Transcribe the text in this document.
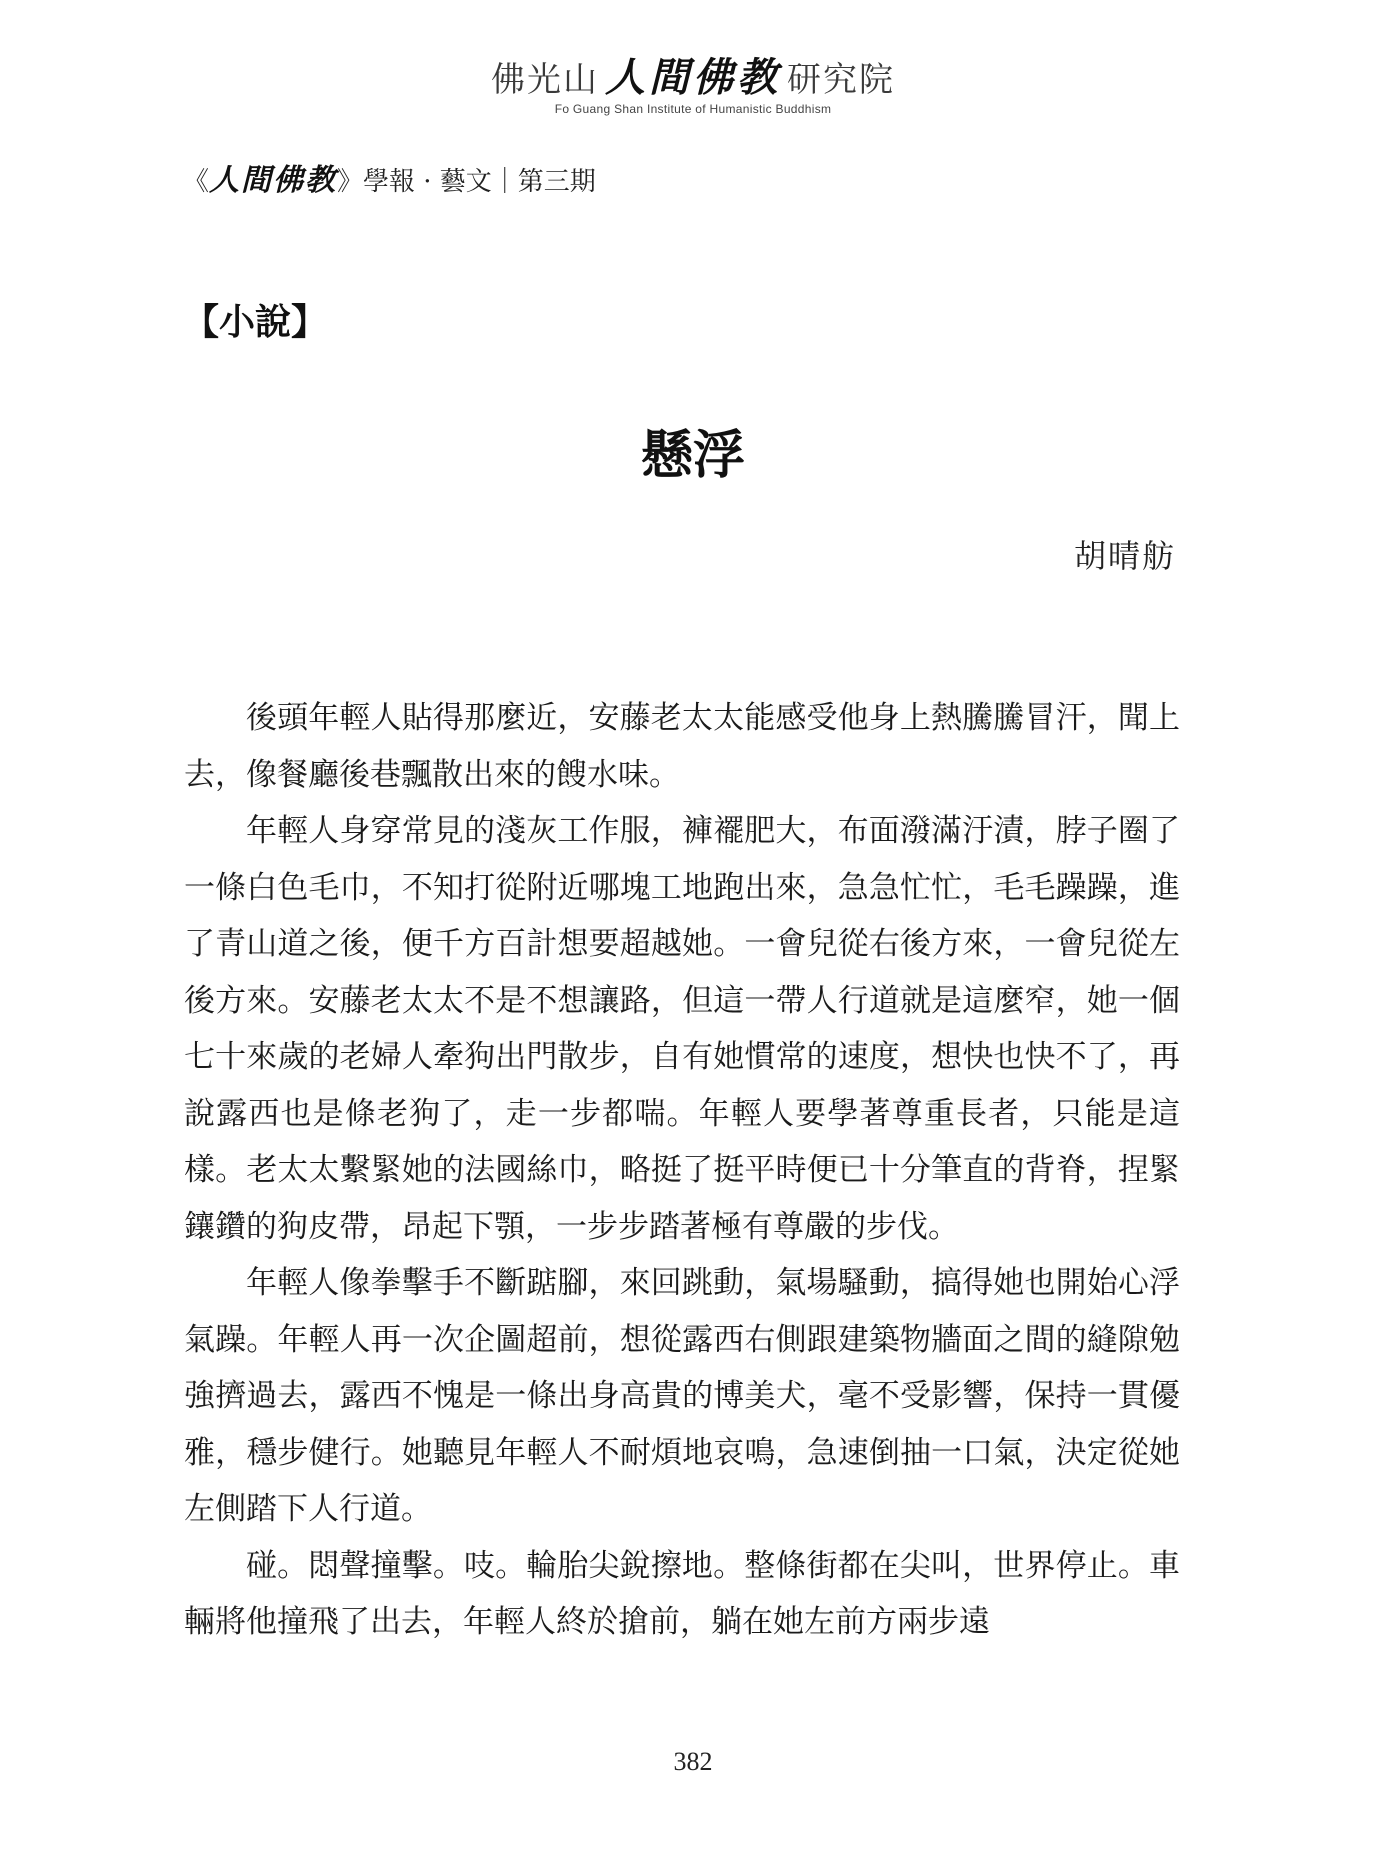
佛光山 人間佛教 研究院
Fo Guang Shan Institute of Humanistic Buddhism
《人間佛教》學報 · 藝文｜第三期
【小說】
懸浮
胡晴舫

後頭年輕人貼得那麼近，安藤老太太能感受他身上熱騰騰冒汗，聞上去，像餐廳後巷飄散出來的餿水味。

年輕人身穿常見的淺灰工作服，褲襬肥大，布面潑滿汙漬，脖子圈了一條白色毛巾，不知打從附近哪塊工地跑出來，急急忙忙，毛毛躁躁，進了青山道之後，便千方百計想要超越她。一會兒從右後方來，一會兒從左後方來。安藤老太太不是不想讓路，但這一帶人行道就是這麼窄，她一個七十來歲的老婦人牽狗出門散步，自有她慣常的速度，想快也快不了，再說露西也是條老狗了，走一步都喘。年輕人要學著尊重長者，只能是這樣。老太太繫緊她的法國絲巾，略挺了挺平時便已十分筆直的背脊，捏緊鑲鑽的狗皮帶，昂起下顎，一步步踏著極有尊嚴的步伐。

年輕人像拳擊手不斷踮腳，來回跳動，氣場騷動，搞得她也開始心浮氣躁。年輕人再一次企圖超前，想從露西右側跟建築物牆面之間的縫隙勉強擠過去，露西不愧是一條出身高貴的博美犬，毫不受影響，保持一貫優雅，穩步健行。她聽見年輕人不耐煩地哀鳴，急速倒抽一口氣，決定從她左側踏下人行道。

碰。悶聲撞擊。吱。輪胎尖銳擦地。整條街都在尖叫，世界停止。車輛將他撞飛了出去，年輕人終於搶前，躺在她左前方兩步遠

382
